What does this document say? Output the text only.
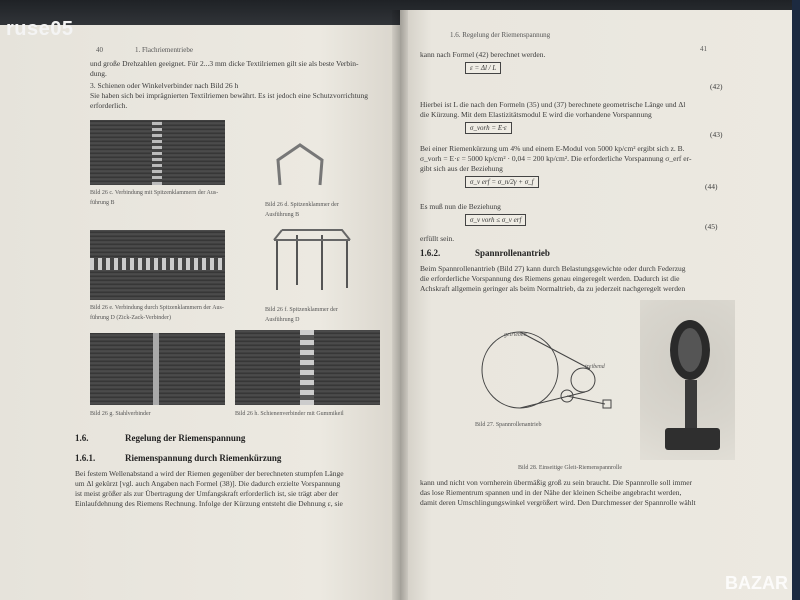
ruse05
40	1. Flachriementriebe
und große Drehzahlen geeignet. Für 2...3 mm dicke Textilriemen gilt sie als beste Verbin-
dung.
3. Schienen oder Winkelverbinder nach Bild 26 h
Sie haben sich bei imprägnierten Textilriemen bewährt. Es ist jedoch eine Schutzvorrichtung
erforderlich.
Bild 26 c. Verbindung mit Spitzenklammern der Aus-
führung B	Bild 26 d. Spitzenklammer der
Ausführung B
Bild 26 e. Verbindung durch Spitzenklammern der Aus-
führung D (Zick-Zack-Verbinder)
Bild 26 f. Spitzenklammer der
Ausführung D
Bild 26 g. Stahlverbinder	Bild 26 h. Schienenverbinder mit Gummikeil
1.6.	Regelung der Riemenspannung
1.6.1.	Riemenspannung durch Riemenkürzung
Bei festem Wellenabstand a wird der Riemen gegenüber der berechneten stumpfen Länge
um Δl gekürzt [vgl. auch Angaben nach Formel (38)]. Die dadurch erzielte Vorspannung
ist meist größer als zur Übertragung der Umfangskraft erforderlich ist, sie trägt aber der
Einlaufdehnung des Riemens Rechnung. Infolge der Kürzung entsteht die Dehnung ε, sie
1.6. Regelung der Riemenspannung
41
kann nach Formel (42) berechnet werden.
ε = Δl / L
(42)
Hierbei ist L die nach den Formeln (35) und (37) berechnete geometrische Länge und Δl
die Kürzung. Mit dem Elastizitätsmodul E wird die vorhandene Vorspannung
σ_vorh = E·ε
(43)
Bei einer Riemenkürzung um 4% und einem E-Modul von 5000 kp/cm² ergibt sich z. B.
σ_vorh = E·ε = 5000 kp/cm² · 0,04 = 200 kp/cm². Die erforderliche Vorspannung σ_erf er-
gibt sich aus der Beziehung
σ_v erf = σ_n/2γ + σ_f	(44)
Es muß nun die Beziehung
σ_v vorh ≤ σ_v erf
(45)
erfüllt sein.
1.6.2.	Spannrollenantrieb
Beim Spannrollenantrieb (Bild 27) kann durch Belastungsgewichte oder durch Federzug
die erforderliche Vorspannung des Riemens genau eingeregelt werden. Dadurch ist die
Achskraft allgemein geringer als beim Normaltrieb, da zu jederzeit nachgeregelt werden
getrieben
treibend
Bild 27. Spannrollenantrieb
Bild 28. Einseitige Gleit-Riemenspannrolle
kann und nicht von vornherein übermäßig groß zu sein braucht. Die Spannrolle soll immer
das lose Riementrum spannen und in der Nähe der kleinen Scheibe angebracht werden,
damit deren Umschlingungswinkel vergrößert wird. Den Durchmesser der Spannrolle wählt
BAZAR
